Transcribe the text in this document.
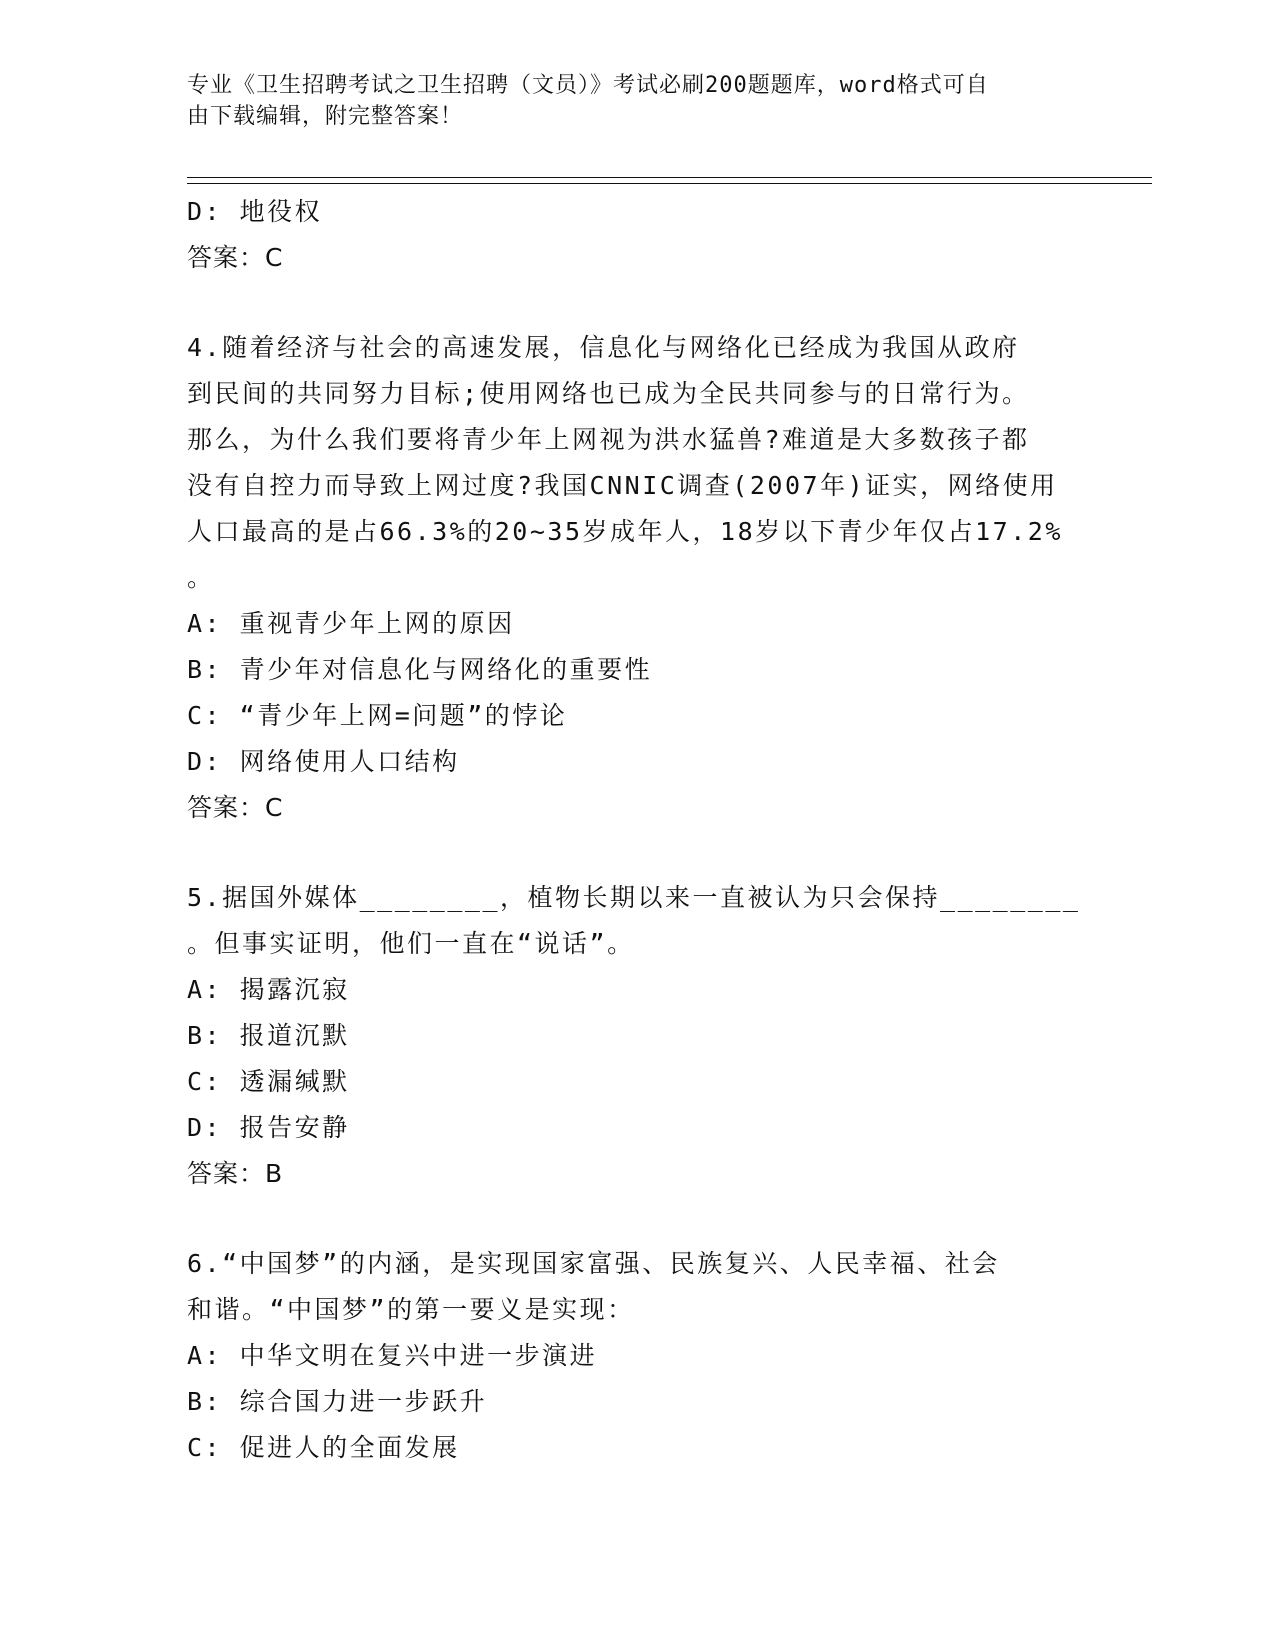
专业《卫生招聘考试之卫生招聘（文员）》考试必刷200题题库，word格式可自
由下载编辑，附完整答案！
D: 地役权
答案：C
4.随着经济与社会的高速发展，信息化与网络化已经成为我国从政府
到民间的共同努力目标;使用网络也已成为全民共同参与的日常行为。
那么，为什么我们要将青少年上网视为洪水猛兽?难道是大多数孩子都
没有自控力而导致上网过度?我国CNNIC调查(2007年)证实，网络使用
人口最高的是占66.3%的20~35岁成年人，18岁以下青少年仅占17.2%
。
A: 重视青少年上网的原因
B: 青少年对信息化与网络化的重要性
C: “青少年上网=问题”的悖论
D: 网络使用人口结构
答案：C
5.据国外媒体________，植物长期以来一直被认为只会保持________
。但事实证明，他们一直在“说话”。
A: 揭露沉寂
B: 报道沉默
C: 透漏缄默
D: 报告安静
答案：B
6.“中国梦”的内涵，是实现国家富强、民族复兴、人民幸福、社会
和谐。“中国梦”的第一要义是实现：
A: 中华文明在复兴中进一步演进
B: 综合国力进一步跃升
C: 促进人的全面发展
